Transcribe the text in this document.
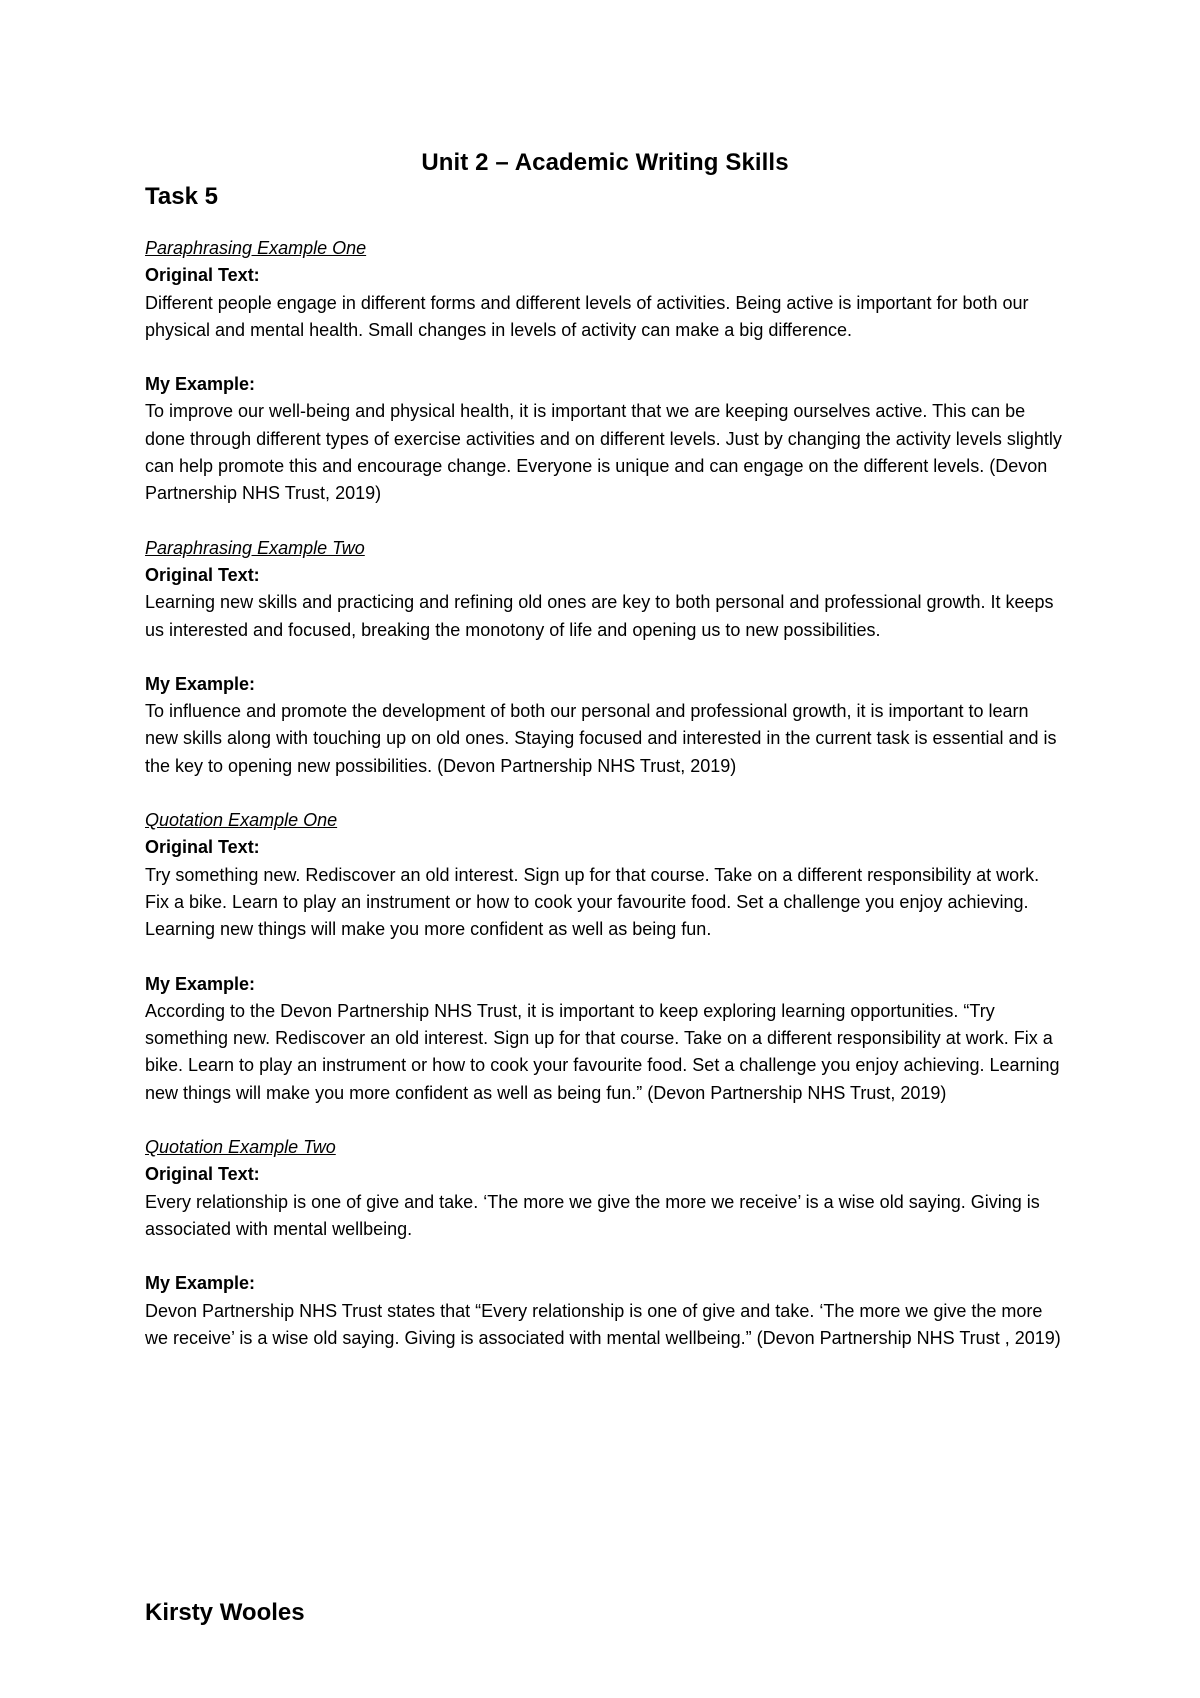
Unit 2 – Academic Writing Skills
Task 5

Paraphrasing Example One

Original Text:

Different people engage in different forms and different levels of activities. Being active is important for both our physical and mental health. Small changes in levels of activity can make a big difference.

My Example:

To improve our well-being and physical health, it is important that we are keeping ourselves active. This can be done through different types of exercise activities and on different levels. Just by changing the activity levels slightly can help promote this and encourage change. Everyone is unique and can engage on the different levels. (Devon Partnership NHS Trust, 2019)

Paraphrasing Example Two

Original Text:

Learning new skills and practicing and refining old ones are key to both personal and professional growth. It keeps us interested and focused, breaking the monotony of life and opening us to new possibilities.

My Example:

To influence and promote the development of both our personal and professional growth, it is important to learn new skills along with touching up on old ones. Staying focused and interested in the current task is essential and is the key to opening new possibilities. (Devon Partnership NHS Trust, 2019)

Quotation Example One

Original Text:

Try something new. Rediscover an old interest. Sign up for that course. Take on a different responsibility at work. Fix a bike. Learn to play an instrument or how to cook your favourite food. Set a challenge you enjoy achieving. Learning new things will make you more confident as well as being fun.

My Example:

According to the Devon Partnership NHS Trust, it is important to keep exploring learning opportunities. “Try something new. Rediscover an old interest. Sign up for that course. Take on a different responsibility at work. Fix a bike. Learn to play an instrument or how to cook your favourite food. Set a challenge you enjoy achieving. Learning new things will make you more confident as well as being fun.” (Devon Partnership NHS Trust, 2019)

Quotation Example Two

Original Text:

Every relationship is one of give and take. ‘The more we give the more we receive’ is a wise old saying. Giving is associated with mental wellbeing.

My Example:

Devon Partnership NHS Trust states that “Every relationship is one of give and take. ‘The more we give the more we receive’ is a wise old saying. Giving is associated with mental wellbeing.” (Devon Partnership NHS Trust , 2019)

Kirsty Wooles
